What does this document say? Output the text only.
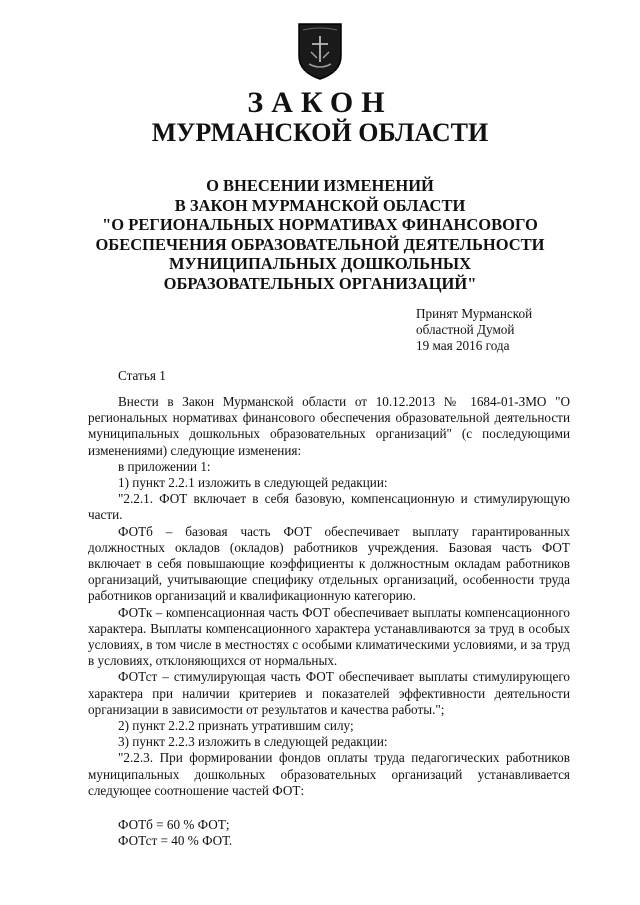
ЗАКОН
МУРМАНСКОЙ ОБЛАСТИ
О ВНЕСЕНИИ ИЗМЕНЕНИЙ
В ЗАКОН МУРМАНСКОЙ ОБЛАСТИ
"О РЕГИОНАЛЬНЫХ НОРМАТИВАХ ФИНАНСОВОГО
ОБЕСПЕЧЕНИЯ ОБРАЗОВАТЕЛЬНОЙ ДЕЯТЕЛЬНОСТИ
МУНИЦИПАЛЬНЫХ ДОШКОЛЬНЫХ
ОБРАЗОВАТЕЛЬНЫХ ОРГАНИЗАЦИЙ"
Принят Мурманской
областной Думой
19 мая 2016 года
Статья 1

Внести в Закон Мурманской области от 10.12.2013 № 1684-01-ЗМО "О региональных нормативах финансового обеспечения образовательной деятельности муниципальных дошкольных образовательных организаций" (с последующими изменениями) следующие изменения:

в приложении 1:

1) пункт 2.2.1 изложить в следующей редакции:

"2.2.1. ФОТ включает в себя базовую, компенсационную и стимулирующую части.

ФОТб – базовая часть ФОТ обеспечивает выплату гарантированных должностных окладов (окладов) работников учреждения. Базовая часть ФОТ включает в себя повышающие коэффициенты к должностным окладам работников организаций, учитывающие специфику отдельных организаций, особенности труда работников организаций и квалификационную категорию.

ФОТк – компенсационная часть ФОТ обеспечивает выплаты компенсационного характера. Выплаты компенсационного характера устанавливаются за труд в особых условиях, в том числе в местностях с особыми климатическими условиями, и за труд в условиях, отклоняющихся от нормальных.

ФОТст – стимулирующая часть ФОТ обеспечивает выплаты стимулирующего характера при наличии критериев и показателей эффективности деятельности организации в зависимости от результатов и качества работы.";

2) пункт 2.2.2 признать утратившим силу;

3) пункт 2.2.3 изложить в следующей редакции:

"2.2.3. При формировании фондов оплаты труда педагогических работников муниципальных дошкольных образовательных организаций устанавливается следующее соотношение частей ФОТ:

ФОТб = 60 % ФОТ;

ФОТст = 40 % ФОТ.
